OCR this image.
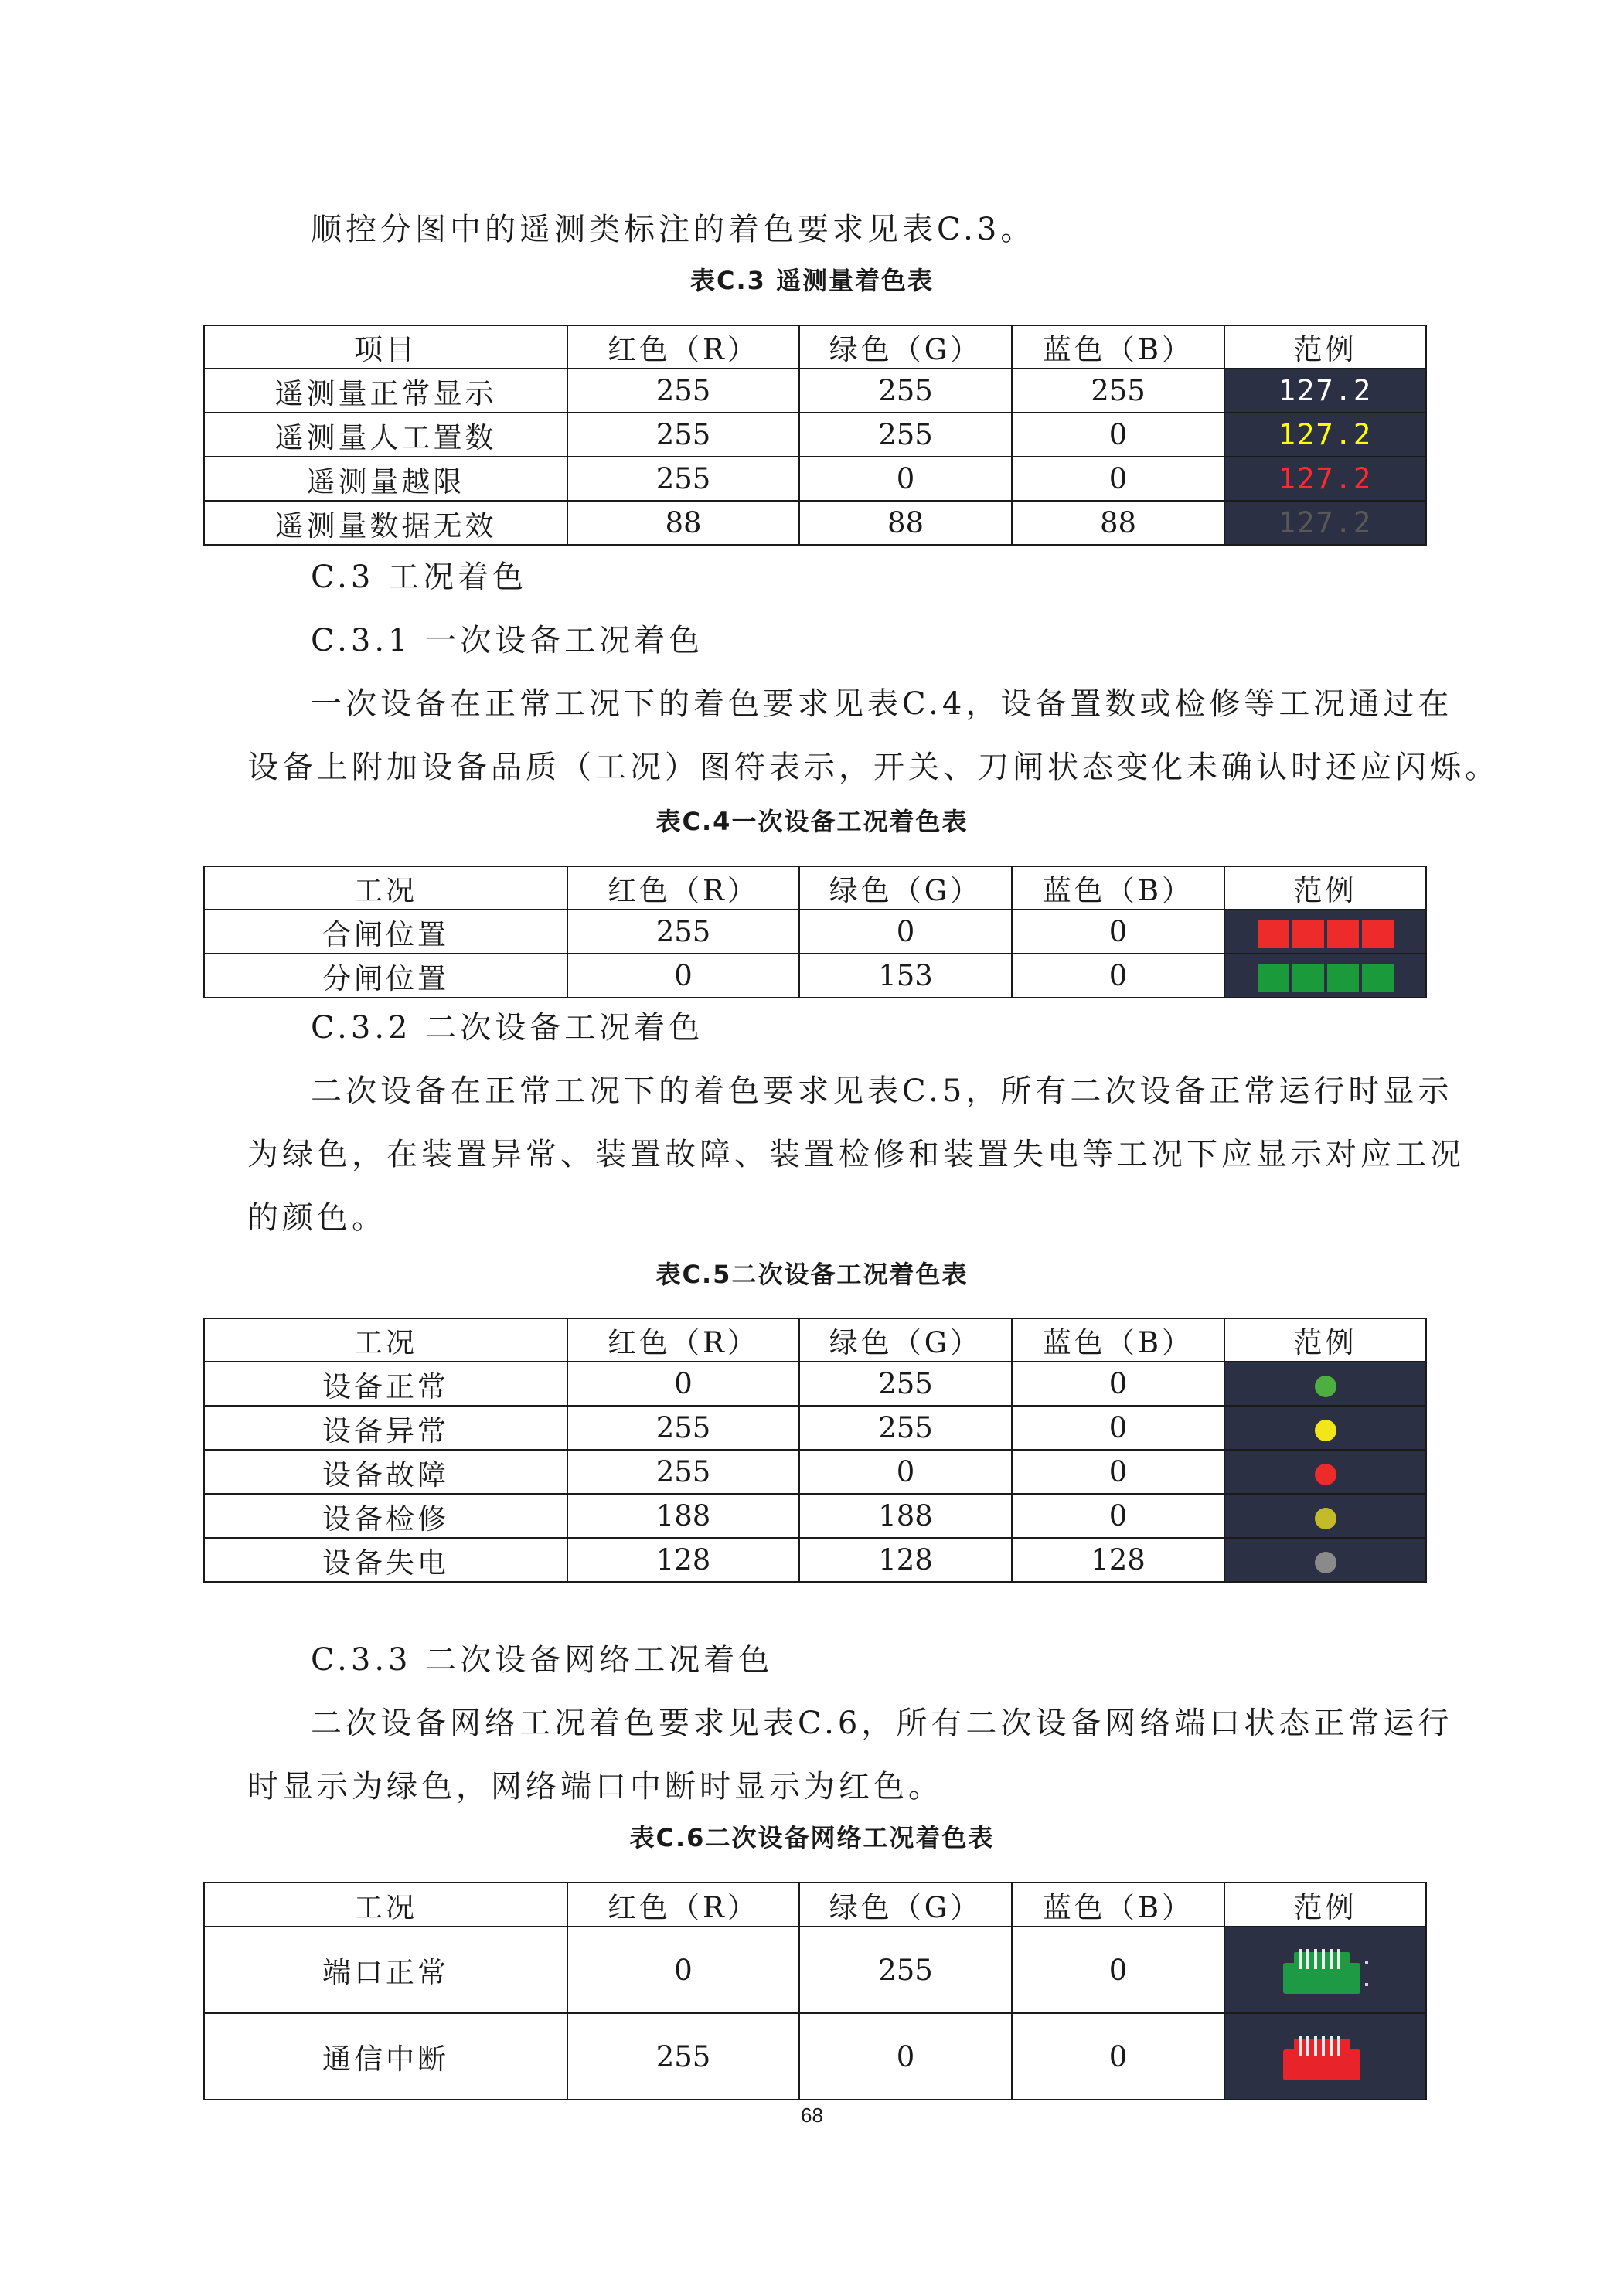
顺控分图中的遥测类标注的着色要求见表C.3。
表C.3 遥测量着色表
项目	红色（R）	绿色（G）	蓝色（B）	范例
遥测量正常显示	255	255	255	127.2
遥测量人工置数	255	255	0	127.2
遥测量越限	255	0	0	127.2
遥测量数据无效	88	88	88	127.2
C.3 工况着色
C.3.1 一次设备工况着色
一次设备在正常工况下的着色要求见表C.4，设备置数或检修等工况通过在
设备上附加设备品质（工况）图符表示，开关、刀闸状态变化未确认时还应闪烁。
表C.4一次设备工况着色表
工况	红色（R）	绿色（G）	蓝色（B）	范例
合闸位置	255	0	0	

分闸位置	0	153	0	
C.3.2 二次设备工况着色
二次设备在正常工况下的着色要求见表C.5，所有二次设备正常运行时显示
为绿色，在装置异常、装置故障、装置检修和装置失电等工况下应显示对应工况
的颜色。
表C.5二次设备工况着色表
工况	红色（R）	绿色（G）	蓝色（B）	范例
设备正常	0	255	0	
设备异常	255	255	0	
设备故障	255	0	0	
设备检修	188	188	0	
设备失电	128	128	128	
C.3.3 二次设备网络工况着色
二次设备网络工况着色要求见表C.6，所有二次设备网络端口状态正常运行
时显示为绿色，网络端口中断时显示为红色。
表C.6二次设备网络工况着色表
工况	红色（R）	绿色（G）	蓝色（B）	范例
端口正常	0	255	0	

通信中断	255	0	0	
68
